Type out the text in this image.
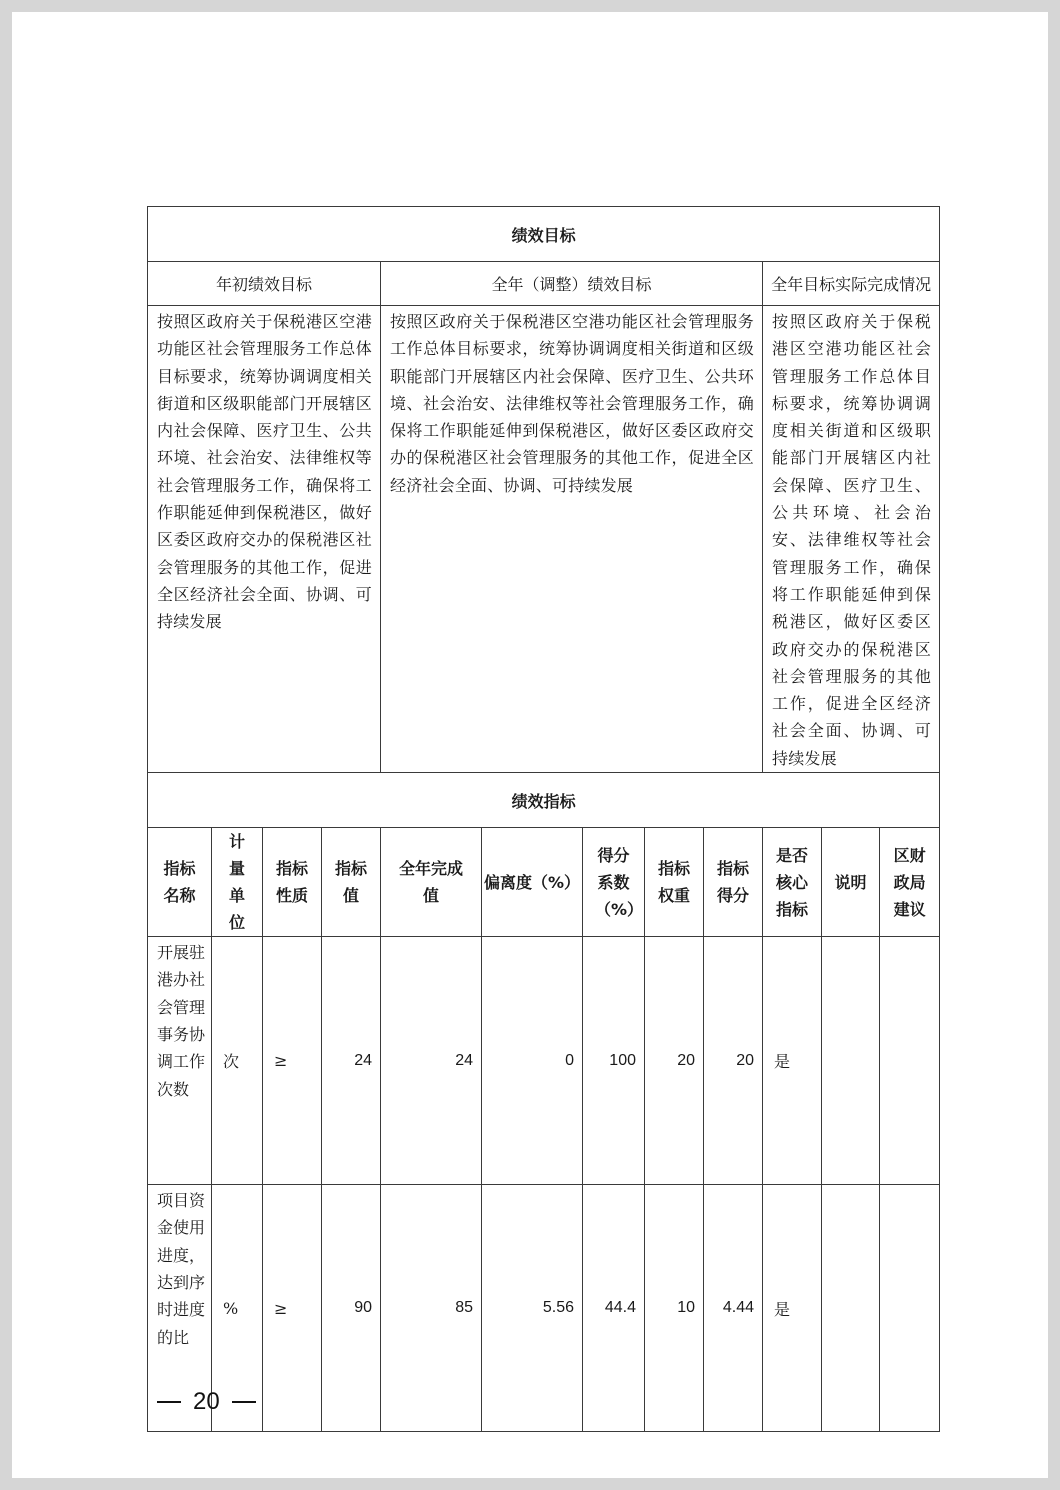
绩效目标											
年初绩效目标				全年（调整）绩效目标					全年目标实际完成情况		
按照区政府关于保税港区空港功能区社会管理服务工作总体目标要求，统筹协调调度相关街道和区级职能部门开展辖区内社会保障、医疗卫生、公共环境、社会治安、法律维权等社会管理服务工作，确保将工作职能延伸到保税港区，做好区委区政府交办的保税港区社会管理服务的其他工作，促进全区经济社会全面、协调、可持续发展				按照区政府关于保税港区空港功能区社会管理服务工作总体目标要求，统筹协调调度相关街道和区级职能部门开展辖区内社会保障、医疗卫生、公共环境、社会治安、法律维权等社会管理服务工作，确保将工作职能延伸到保税港区，做好区委区政府交办的保税港区社会管理服务的其他工作，促进全区经济社会全面、协调、可持续发展					按照区政府关于保税港区空港功能区社会管理服务工作总体目标要求，统筹协调调度相关街道和区级职能部门开展辖区内社会保障、医疗卫生、公共环境、社会治安、法律维权等社会管理服务工作，确保将工作职能延伸到保税港区，做好区委区政府交办的保税港区社会管理服务的其他工作，促进全区经济社会全面、协调、可持续发展		
绩效指标											
指标名称	计量单位	指标性质	指标值	全年完成值	偏离度（%）	得分系数（%）	指标权重	指标得分	是否核心指标	说明	区财政局建议
开展驻港办社会管理事务协调工作次数	次	≥	24	24	0	100	20	20	是		
项目资金使用进度，达到序时进度的比	%	≥	90	85	5.56	44.4	10	4.44	是		
20
